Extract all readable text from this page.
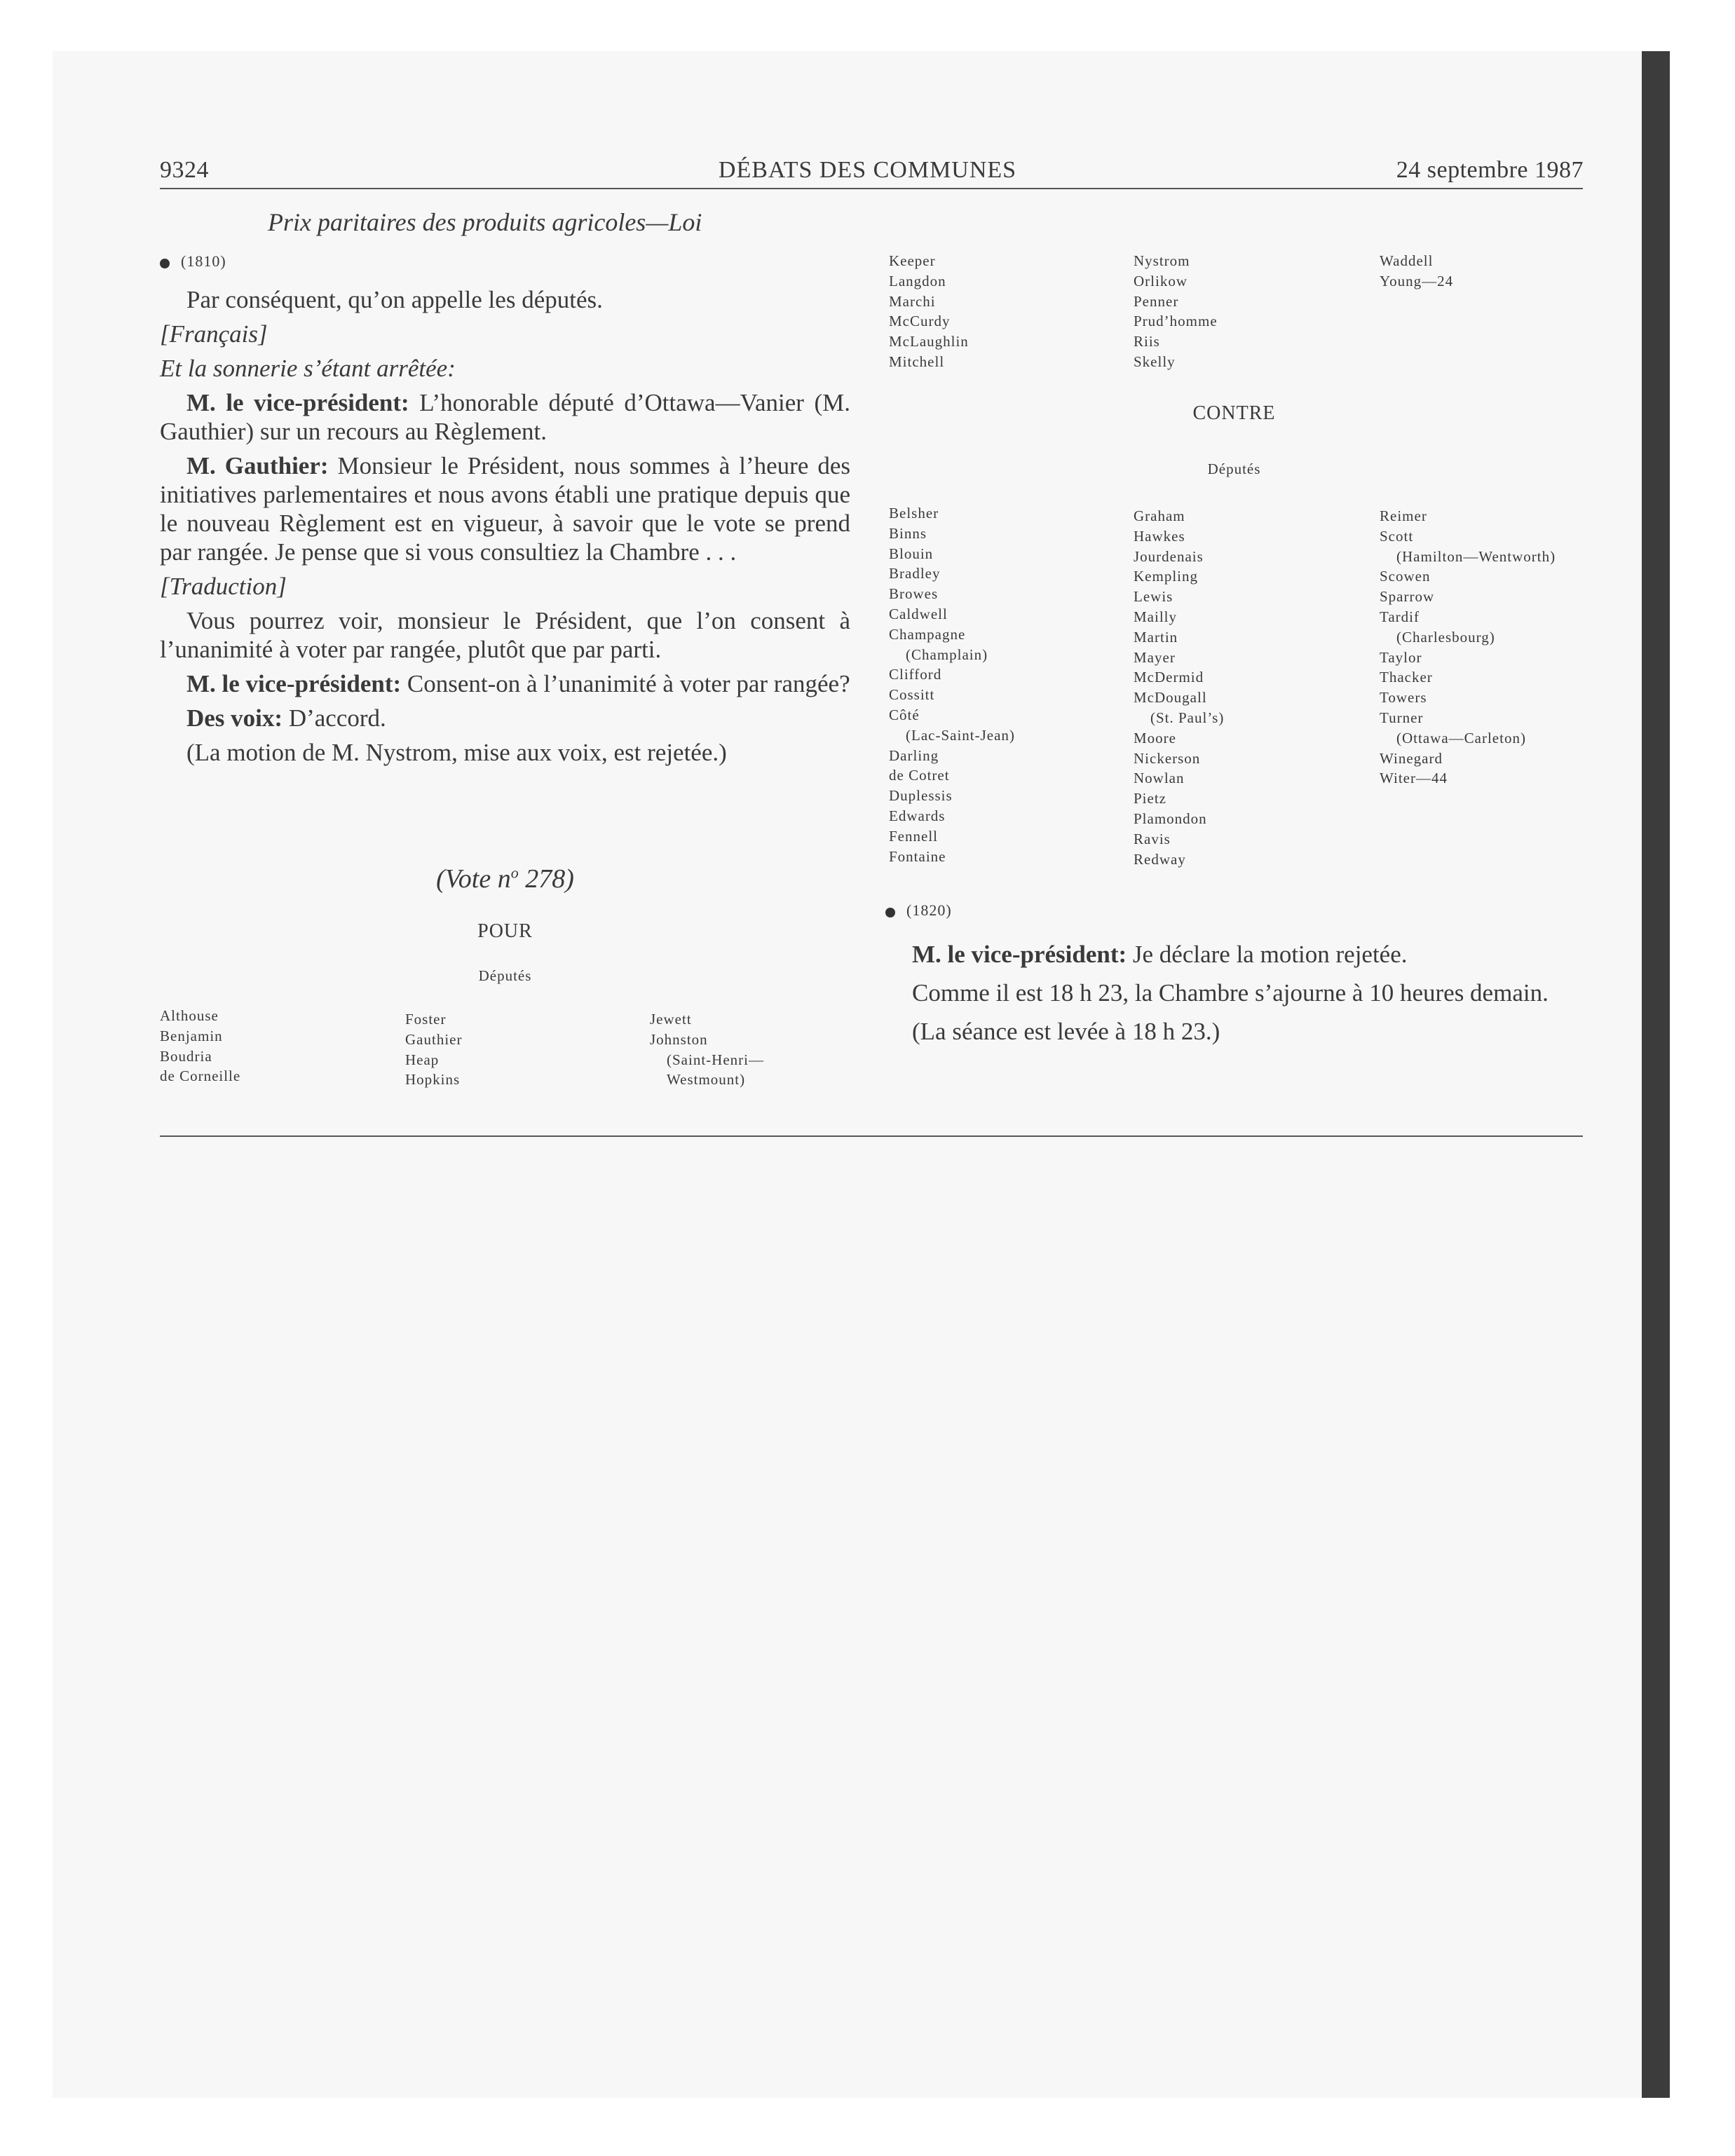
9324	DÉBATS DES COMMUNES	24 septembre 1987
Prix paritaires des produits agricoles—Loi
(1810)

Par conséquent, qu’on appelle les députés.

[Français]

Et la sonnerie s’étant arrêtée:

M. le vice-président: L’honorable député d’Ottawa—Vanier (M. Gauthier) sur un recours au Règlement.

M. Gauthier: Monsieur le Président, nous sommes à l’heure des initiatives parlementaires et nous avons établi une pratique depuis que le nouveau Règlement est en vigueur, à savoir que le vote se prend par rangée. Je pense que si vous consultiez la Chambre . . .

[Traduction]

Vous pourrez voir, monsieur le Président, que l’on consent à l’unanimité à voter par rangée, plutôt que par parti.

M. le vice-président: Consent-on à l’unanimité à voter par rangée?

Des voix: D’accord.

(La motion de M. Nystrom, mise aux voix, est rejetée.)

(Vote $n^o$ 278)
POUR
Députés
Althouse
Benjamin
Boudria
de Corneille
Foster
Gauthier
Heap
Hopkins
Jewett
Johnston
(Saint-Henri—
Westmount)
Keeper
Langdon
Marchi
McCurdy
McLaughlin
Mitchell
Nystrom
Orlikow
Penner
Prud’homme
Riis
Skelly
Waddell
Young—24
CONTRE
Députés
Belsher
Binns
Blouin
Bradley
Browes
Caldwell
Champagne
(Champlain)
Clifford
Cossitt
Côté
(Lac-Saint-Jean)
Darling
de Cotret
Duplessis
Edwards
Fennell
Fontaine
Graham
Hawkes
Jourdenais
Kempling
Lewis
Mailly
Martin
Mayer
McDermid
McDougall
(St. Paul’s)
Moore
Nickerson
Nowlan
Pietz
Plamondon
Ravis
Redway
Reimer
Scott
(Hamilton—Wentworth)
Scowen
Sparrow
Tardif
(Charlesbourg)
Taylor
Thacker
Towers
Turner
(Ottawa—Carleton)
Winegard
Witer—44
(1820)

M. le vice-président: Je déclare la motion rejetée.

Comme il est 18 h 23, la Chambre s’ajourne à 10 heures demain.

(La séance est levée à 18 h 23.)
